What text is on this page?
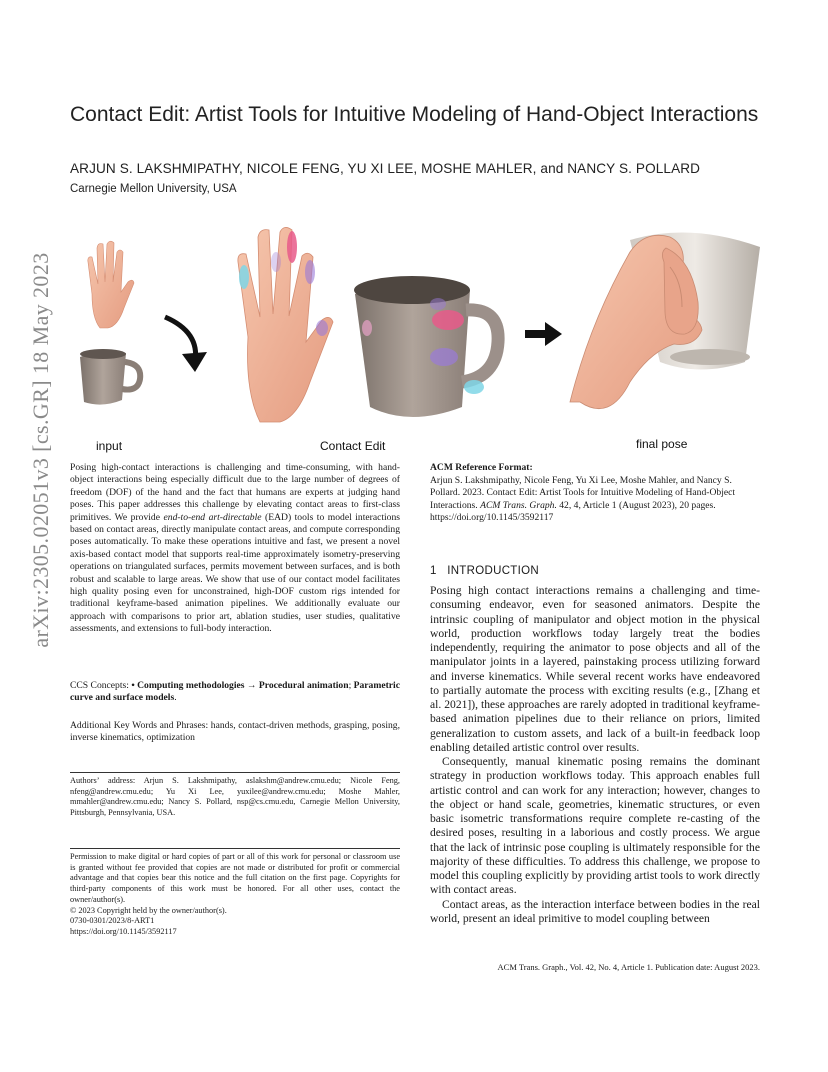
arXiv:2305.02051v3 [cs.GR] 18 May 2023
Contact Edit: Artist Tools for Intuitive Modeling of Hand-Object Interactions
ARJUN S. LAKSHMIPATHY, NICOLE FENG, YU XI LEE, MOSHE MAHLER, and NANCY S. POLLARD
Carnegie Mellon University, USA
input	Contact Edit	final pose
Posing high-contact interactions is challenging and time-consuming, with hand-object interactions being especially difficult due to the large number of degrees of freedom (DOF) of the hand and the fact that humans are experts at judging hand poses. This paper addresses this challenge by elevating contact areas to first-class primitives. We provide end-to-end art-directable (EAD) tools to model interactions based on contact areas, directly manipulate contact areas, and compute corresponding poses automatically. To make these operations intuitive and fast, we present a novel axis-based contact model that supports real-time approximately isometry-preserving operations on triangulated surfaces, permits movement between surfaces, and is both robust and scalable to large areas. We show that use of our contact model facilitates high quality posing even for unconstrained, high-DOF custom rigs intended for traditional keyframe-based animation pipelines. We additionally evaluate our approach with comparisons to prior art, ablation studies, user studies, qualitative assessments, and extensions to full-body interaction.
CCS Concepts: • Computing methodologies → Procedural animation; Parametric curve and surface models.
Additional Key Words and Phrases: hands, contact-driven methods, grasping, posing, inverse kinematics, optimization
Authors’ address: Arjun S. Lakshmipathy, aslakshm@andrew.cmu.edu; Nicole Feng, nfeng@andrew.cmu.edu; Yu Xi Lee, yuxilee@andrew.cmu.edu; Moshe Mahler, mmahler@andrew.cmu.edu; Nancy S. Pollard, nsp@cs.cmu.edu, Carnegie Mellon University, Pittsburgh, Pennsylvania, USA.
Permission to make digital or hard copies of part or all of this work for personal or classroom use is granted without fee provided that copies are not made or distributed for profit or commercial advantage and that copies bear this notice and the full citation on the first page. Copyrights for third-party components of this work must be honored. For all other uses, contact the owner/author(s).
© 2023 Copyright held by the owner/author(s).
0730-0301/2023/8-ART1
https://doi.org/10.1145/3592117
ACM Reference Format:
Arjun S. Lakshmipathy, Nicole Feng, Yu Xi Lee, Moshe Mahler, and Nancy S. Pollard. 2023. Contact Edit: Artist Tools for Intuitive Modeling of Hand-Object Interactions. ACM Trans. Graph. 42, 4, Article 1 (August 2023), 20 pages. https://doi.org/10.1145/3592117
1 INTRODUCTION

Posing high contact interactions remains a challenging and time-consuming endeavor, even for seasoned animators. Despite the intrinsic coupling of manipulator and object motion in the physical world, production workflows today largely treat the bodies independently, requiring the animator to pose objects and all of the manipulator joints in a layered, painstaking process utilizing forward and inverse kinematics. While several recent works have endeavored to partially automate the process with exciting results (e.g., [Zhang et al. 2021]), these approaches are rarely adopted in traditional keyframe-based animation pipelines due to their reliance on priors, limited generalization to custom assets, and lack of a built-in feedback loop enabling detailed artistic control over results.

Consequently, manual kinematic posing remains the dominant strategy in production workflows today. This approach enables full artistic control and can work for any interaction; however, changes to the object or hand scale, geometries, kinematic structures, or even basic isometric transformations require complete re-casting of the desired poses, resulting in a laborious and costly process. We argue that the lack of intrinsic pose coupling is ultimately responsible for the majority of these difficulties. To address this challenge, we propose to model this coupling explicitly by providing artist tools to work directly with contact areas.

Contact areas, as the interaction interface between bodies in the real world, present an ideal primitive to model coupling between

ACM Trans. Graph., Vol. 42, No. 4, Article 1. Publication date: August 2023.
